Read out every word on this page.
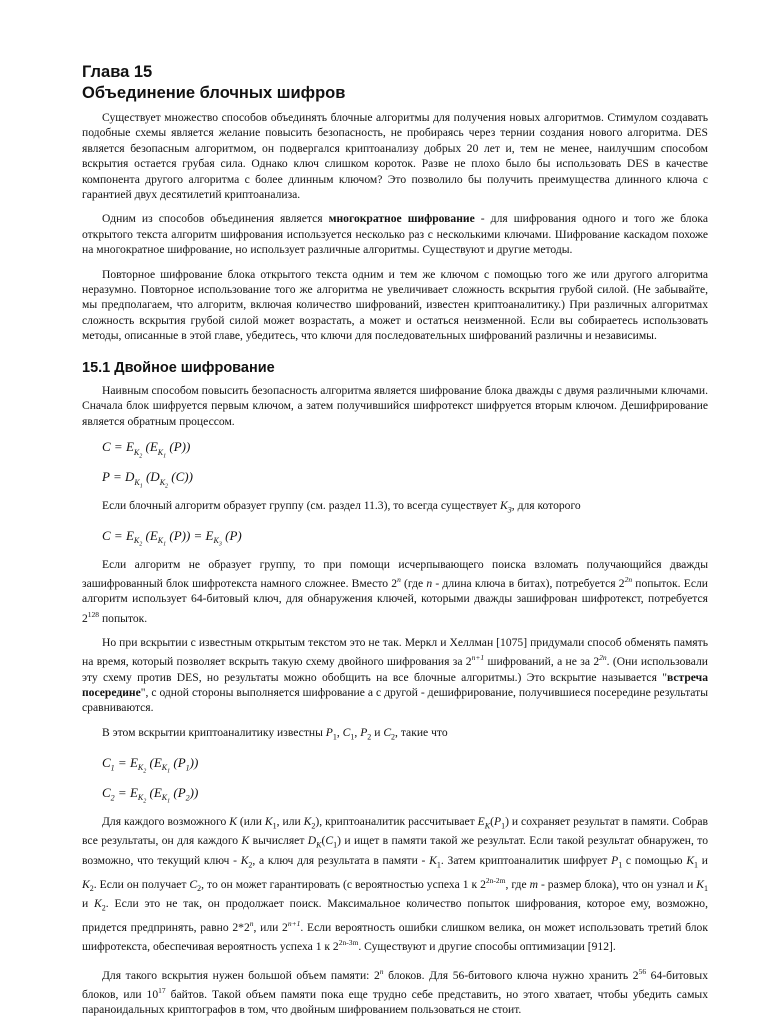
Глава 15
Объединение блочных шифров

Существует множество способов объединять блочные алгоритмы для получения новых алгоритмов. Стимулом создавать подобные схемы является желание повысить безопасность, не пробираясь через тернии создания нового алгоритма. DES является безопасным алгоритмом, он подвергался криптоанализу добрых 20 лет и, тем не менее, наилучшим способом вскрытия остается грубая сила. Однако ключ слишком короток. Разве не плохо было бы использовать DES в качестве компонента другого алгоритма с более длинным ключом? Это позволило бы получить преимущества длинного ключа с гарантией двух десятилетий криптоанализа.

Одним из способов объединения является многократное шифрование - для шифрования одного и того же блока открытого текста алгоритм шифрования используется несколько раз с несколькими ключами. Шифрование каскадом похоже на многократное шифрование, но использует различные алгоритмы. Существуют и другие методы.

Повторное шифрование блока открытого текста одним и тем же ключом с помощью того же или другого алгоритма неразумно. Повторное использование того же алгоритма не увеличивает сложность вскрытия грубой силой. (Не забывайте, мы предполагаем, что алгоритм, включая количество шифрований, известен криптоаналитику.) При различных алгоритмах сложность вскрытия грубой силой может возрастать, а может и остаться неизменной. Если вы собираетесь использовать методы, описанные в этой главе, убедитесь, что ключи для последовательных шифрований различны и независимы.

15.1 Двойное шифрование

Наивным способом повысить безопасность алгоритма является шифрование блока дважды с двумя различными ключами. Сначала блок шифруется первым ключом, а затем получившийся шифротекст шифруется вторым ключом. Дешифрирование является обратным процессом.

$C = E_{K_2}$ ($E_{K_1}$ (P))
$P = D_{K_1}$ ($D_{K_2}$ (C))

Если блочный алгоритм образует группу (см. раздел 11.3), то всегда существует $K_3$, для которого

$C = E_{K_2}$ ($E_{K_1}$ $(P)) = E_{K_3}$ (P)

Если алгоритм не образует группу, то при помощи исчерпывающего поиска взломать получающийся дважды зашифрованный блок шифротекста намного сложнее. Вместо 2$^n$ (где n - длина ключа в битах), потребуется $2^{2n}$ попыток. Если алгоритм использует 64-битовый ключ, для обнаружения ключей, которыми дважды зашифрован шифротекст, потребуется $2^{128}$ попыток.

Но при вскрытии с известным открытым текстом это не так. Меркл и Хеллман [1075] придумали способ обменять память на время, который позволяет вскрыть такую схему двойного шифрования за $2^{n+1}$ шифрований, а не за $2^{2n}$. (Они использовали эту схему против DES, но результаты можно обобщить на все блочные алгоритмы.) Это вскрытие называется "встреча посередине", с одной стороны выполняется шифрование а с другой - дешифрирование, получившиеся посередине результаты сравниваются.

В этом вскрытии криптоаналитику известны $P_1$, $C_1$, $P_2$ и $C_2$, такие что

$C_1 = E_{K_2}$ ($E_{K_1}$ $(P_1)$)
$C_2 = E_{K_2}$ ($E_{K_1}$ $(P_2)$)

Для каждого возможного K (или $K_1$, или $K_2$), криптоаналитик рассчитывает $E_K(P_1)$ и сохраняет результат в памяти. Собрав все результаты, он для каждого K вычисляет $D_K(C_1)$ и ищет в памяти такой же результат. Если такой результат обнаружен, то возможно, что текущий ключ - $K_2$, а ключ для результата в памяти - $K_1$. Затем криптоаналитик шифрует $P_1$ с помощью $K_1$ и $K_2$. Если он получает $C_2$, то он может гарантировать (с вероятностью успеха 1 к $2^{2n-2m}$, где m - размер блока), что он узнал и $K_1$ и $K_2$. Если это не так, он продолжает поиск. Максимальное количество попыток шифрования, которое ему, возможно, придется предпринять, равно 2*2$^n$, или $2^{n+1}$. Если вероятность ошибки слишком велика, он может использовать третий блок шифротекста, обеспечивая вероятность успеха 1 к $2^{2n-3m}$. Существуют и другие способы оптимизации [912].

Для такого вскрытия нужен большой объем памяти: 2$^n$ блоков. Для 56-битового ключа нужно хранить $2^{56}$ 64-битовых блоков, или $10^{17}$ байтов. Такой объем памяти пока еще трудно себе представить, но этого хватает, чтобы убедить самых параноидальных криптографов в том, что двойным шифрованием пользоваться не стоит.
